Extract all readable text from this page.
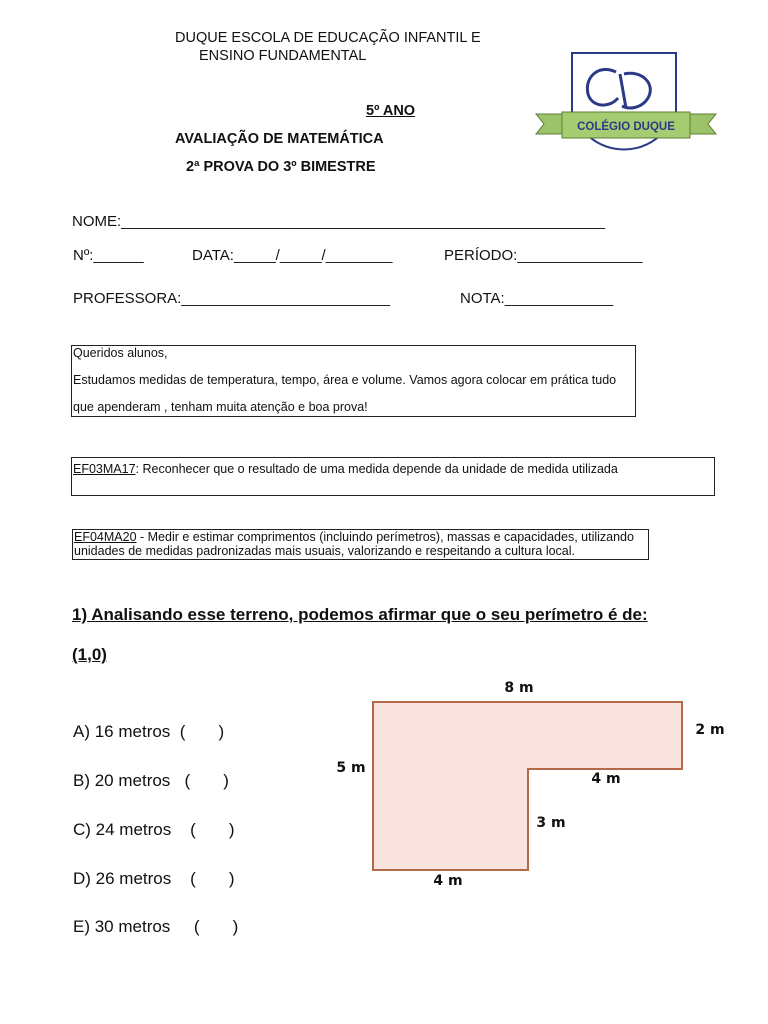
DUQUE ESCOLA DE EDUCAÇÃO INFANTIL E
ENSINO FUNDAMENTAL
COLÉGIO DUQUE
5º ANO
AVALIAÇÃO DE MATEMÁTICA
2ª PROVA DO 3º BIMESTRE
NOME:__________________________________________________________
Nº:______	DATA:_____/_____/________	PERÍODO:_______________
PROFESSORA:_________________________	NOTA:_____________
Queridos alunos,
Estudamos medidas de temperatura, tempo, área e volume. Vamos agora colocar em prática tudo
que apenderam , tenham muita atenção e boa prova!
EF03MA17: Reconhecer que o resultado de uma medida depende da unidade de medida utilizada
EF04MA20 - Medir e estimar comprimentos (incluindo perímetros), massas e capacidades, utilizando unidades de medidas padronizadas mais usuais, valorizando e respeitando a cultura local.
1) Analisando esse terreno, podemos afirmar que o seu perímetro é de:
(1,0)
A) 16 metros  (       )
B) 20 metros   (       )
C) 24 metros    (       )
D) 26 metros    (       )
E) 30 metros     (       )
8 m
2 m
5 m
4 m
3 m
4 m
